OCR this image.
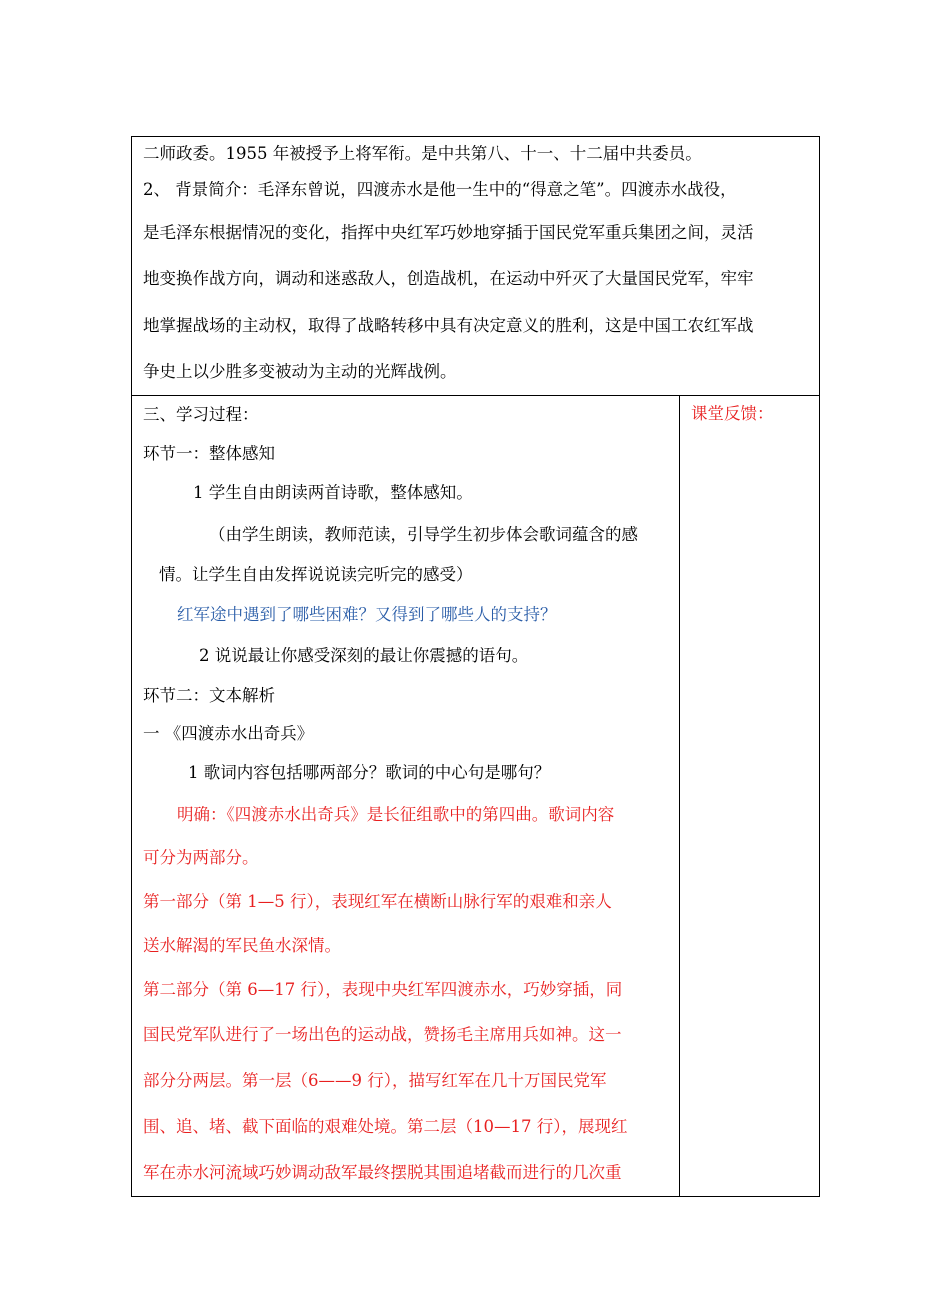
二师政委。1955 年被授予上将军衔。是中共第八、十一、十二届中共委员。
2、 背景简介：毛泽东曾说，四渡赤水是他一生中的“得意之笔”。四渡赤水战役，
是毛泽东根据情况的变化，指挥中央红军巧妙地穿插于国民党军重兵集团之间，灵活
地变换作战方向，调动和迷惑敌人，创造战机，在运动中歼灭了大量国民党军，牢牢
地掌握战场的主动权，取得了战略转移中具有决定意义的胜利，这是中国工农红军战
争史上以少胜多变被动为主动的光辉战例。

三、学习过程：
环节一：整体感知
1 学生自由朗读两首诗歌，整体感知。
（由学生朗读，教师范读，引导学生初步体会歌词蕴含的感
情。让学生自由发挥说说读完听完的感受）
红军途中遇到了哪些困难？又得到了哪些人的支持？
2 说说最让你感受深刻的最让你震撼的语句。
环节二：文本解析
一 《四渡赤水出奇兵》
1 歌词内容包括哪两部分？歌词的中心句是哪句？
明确：《四渡赤水出奇兵》是长征组歌中的第四曲。歌词内容
可分为两部分。
第一部分（第 1—5 行），表现红军在横断山脉行军的艰难和亲人
送水解渴的军民鱼水深情。
第二部分（第 6—17 行），表现中央红军四渡赤水，巧妙穿插，同
国民党军队进行了一场出色的运动战，赞扬毛主席用兵如神。这一
部分分两层。第一层（6——9 行），描写红军在几十万国民党军
围、追、堵、截下面临的艰难处境。第二层（10—17 行），展现红
军在赤水河流域巧妙调动敌军最终摆脱其围追堵截而进行的几次重

课堂反馈：
